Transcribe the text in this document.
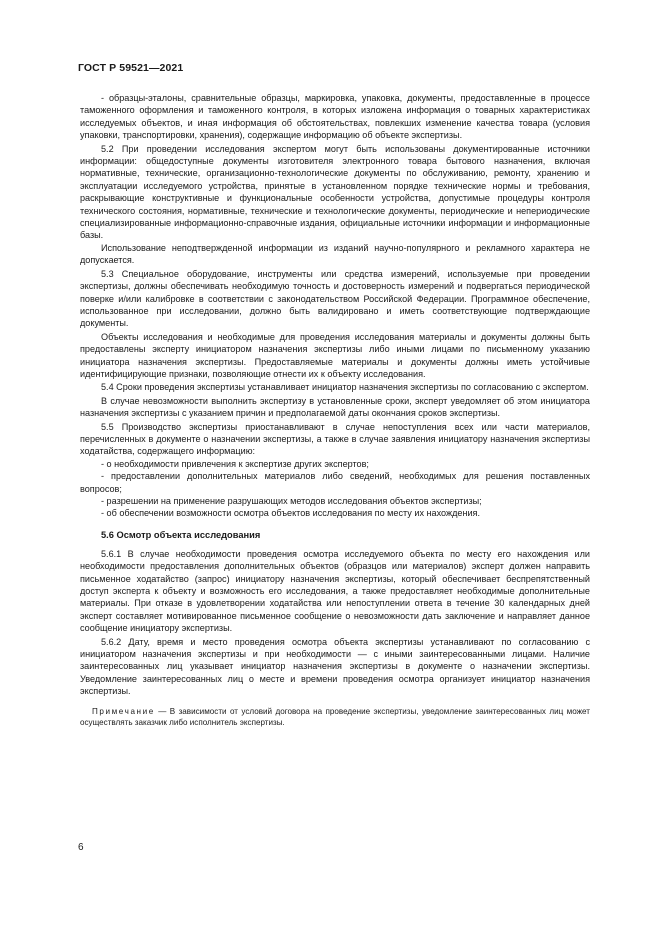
ГОСТ Р 59521—2021

- образцы-эталоны, сравнительные образцы, маркировка, упаковка, документы, предоставленные в процессе таможенного оформления и таможенного контроля, в которых изложена информация о товарных характеристиках исследуемых объектов, и иная информация об обстоятельствах, повлекших изменение качества товара (условия упаковки, транспортировки, хранения), содержащие информацию об объекте экспертизы.

5.2 При проведении исследования экспертом могут быть использованы документированные источники информации: общедоступные документы изготовителя электронного товара бытового назначения, включая нормативные, технические, организационно-технологические документы по обслуживанию, ремонту, хранению и эксплуатации исследуемого устройства, принятые в установленном порядке технические нормы и требования, раскрывающие конструктивные и функциональные особенности устройства, допустимые процедуры контроля технического состояния, нормативные, технические и технологические документы, периодические и непериодические специализированные информационно-справочные издания, официальные источники информации и информационные базы.

Использование неподтвержденной информации из изданий научно-популярного и рекламного характера не допускается.

5.3 Специальное оборудование, инструменты или средства измерений, используемые при проведении экспертизы, должны обеспечивать необходимую точность и достоверность измерений и подвергаться периодической поверке и/или калибровке в соответствии с законодательством Российской Федерации. Программное обеспечение, использованное при исследовании, должно быть валидировано и иметь соответствующие подтверждающие документы.

Объекты исследования и необходимые для проведения исследования материалы и документы должны быть предоставлены эксперту инициатором назначения экспертизы либо иными лицами по письменному указанию инициатора назначения экспертизы. Предоставляемые материалы и документы должны иметь устойчивые идентифицирующие признаки, позволяющие отнести их к объекту исследования.

5.4 Сроки проведения экспертизы устанавливает инициатор назначения экспертизы по согласованию с экспертом.

В случае невозможности выполнить экспертизу в установленные сроки, эксперт уведомляет об этом инициатора назначения экспертизы с указанием причин и предполагаемой даты окончания сроков экспертизы.

5.5 Производство экспертизы приостанавливают в случае непоступления всех или части материалов, перечисленных в документе о назначении экспертизы, а также в случае заявления инициатору назначения экспертизы ходатайства, содержащего информацию:

- о необходимости привлечения к экспертизе других экспертов;

- предоставлении дополнительных материалов либо сведений, необходимых для решения поставленных вопросов;

- разрешении на применение разрушающих методов исследования объектов экспертизы;

- об обеспечении возможности осмотра объектов исследования по месту их нахождения.

5.6 Осмотр объекта исследования

5.6.1 В случае необходимости проведения осмотра исследуемого объекта по месту его нахождения или необходимости предоставления дополнительных объектов (образцов или материалов) эксперт должен направить письменное ходатайство (запрос) инициатору назначения экспертизы, который обеспечивает беспрепятственный доступ эксперта к объекту и возможность его исследования, а также предоставляет необходимые дополнительные материалы. При отказе в удовлетворении ходатайства или непоступлении ответа в течение 30 календарных дней эксперт составляет мотивированное письменное сообщение о невозможности дать заключение и направляет данное сообщение инициатору экспертизы.

5.6.2 Дату, время и место проведения осмотра объекта экспертизы устанавливают по согласованию с инициатором назначения экспертизы и при необходимости — с иными заинтересованными лицами. Наличие заинтересованных лиц указывает инициатор назначения экспертизы в документе о назначении экспертизы. Уведомление заинтересованных лиц о месте и времени проведения осмотра организует инициатор назначения экспертизы.

Примечание — В зависимости от условий договора на проведение экспертизы, уведомление заинтересованных лиц может осуществлять заказчик либо исполнитель экспертизы.

6
